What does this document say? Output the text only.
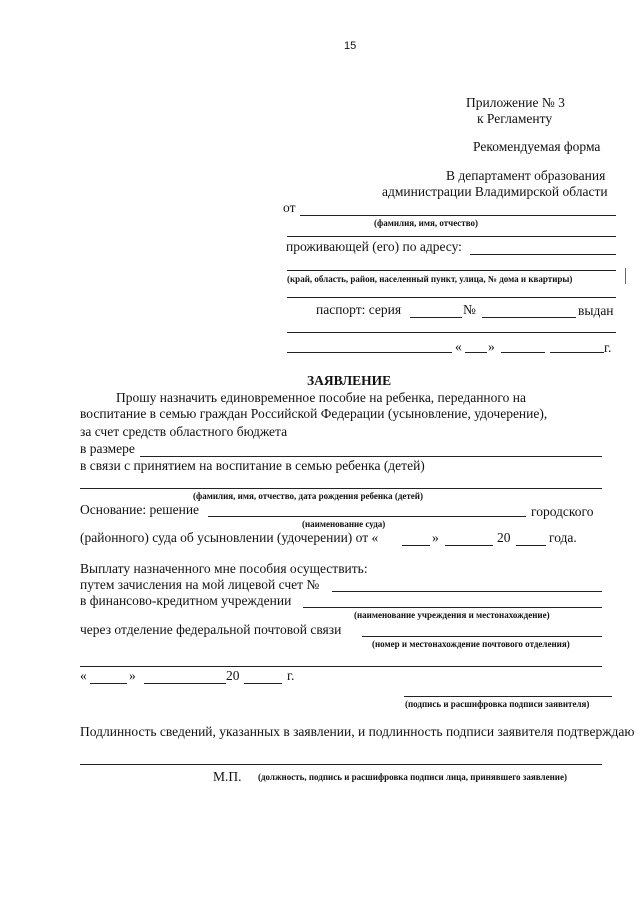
15
Приложение № 3
к Регламенту
Рекомендуемая форма
В департамент образования
администрации Владимирской области
от
(фамилия, имя, отчество)
проживающей (его) по адресу:
(край, область, район, населенный пункт, улица, № дома и квартиры)
паспорт: серия	№	выдан
« »	г.
ЗАЯВЛЕНИЕ
Прошу назначить единовременное пособие на ребенка, переданного на
воспитание в семью граждан Российской Федерации (усыновление, удочерение),
за счет средств областного бюджета
в размере
в связи с принятием на воспитание в семью ребенка (детей)
(фамилия, имя, отчество, дата рождения ребенка (детей)
Основание: решение	городского
(наименование суда)
(районного) суда об усыновлении (удочерении) от «	»	20	года.
Выплату назначенного мне пособия осуществить:
путем зачисления на мой лицевой счет №
в финансово-кредитном учреждении
(наименование учреждения и местонахождение)
через отделение федеральной почтовой связи
(номер и местонахождение почтового отделения)
«	»	20	г.
(подпись и расшифровка подписи заявителя)
Подлинность сведений, указанных в заявлении, и подлинность подписи заявителя подтверждаю
М.П. (должность, подпись и расшифровка подписи лица, принявшего заявление)
